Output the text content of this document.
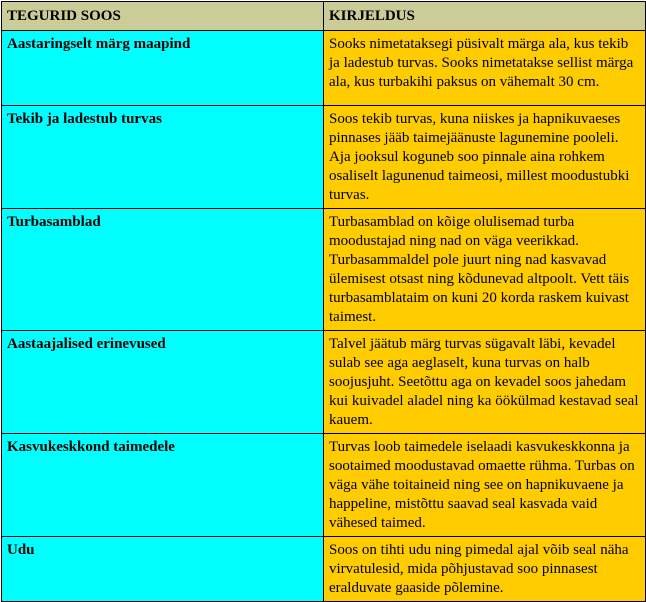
TEGURID SOOS	KIRJELDUS
Aastaringselt märg maapind	Sooks nimetataksegi püsivalt märga ala, kus tekib ja ladestub turvas. Sooks nimetatakse sellist märga ala, kus turbakihi paksus on vähemalt 30 cm.
Tekib ja ladestub turvas	Soos tekib turvas, kuna niiskes ja hapnikuvaeses pinnases jääb taimejäänuste lagunemine pooleli. Aja jooksul koguneb soo pinnale aina rohkem osaliselt lagunenud taimeosi, millest moodustubki turvas.
Turbasamblad	Turbasamblad on kõige olulisemad turba moodustajad ning nad on väga veerikkad. Turbasammaldel pole juurt ning nad kasvavad ülemisest otsast ning kõdunevad altpoolt. Vett täis turbasamblataim on kuni 20 korda raskem kuivast taimest.
Aastaajalised erinevused	Talvel jäätub märg turvas sügavalt läbi, kevadel sulab see aga aeglaselt, kuna turvas on halb soojusjuht. Seetõttu aga on kevadel soos jahedam kui kuivadel aladel ning ka öökülmad kestavad seal kauem.
Kasvukeskkond taimedele	Turvas loob taimedele iselaadi kasvukeskkonna ja sootaimed moodustavad omaette rühma. Turbas on väga vähe toitaineid ning see on hapnikuvaene ja happeline, mistõttu saavad seal kasvada vaid vähesed taimed.
Udu	Soos on tihti udu ning pimedal ajal võib seal näha virvatulesid, mida põhjustavad soo pinnasest eralduvate gaaside põlemine.
